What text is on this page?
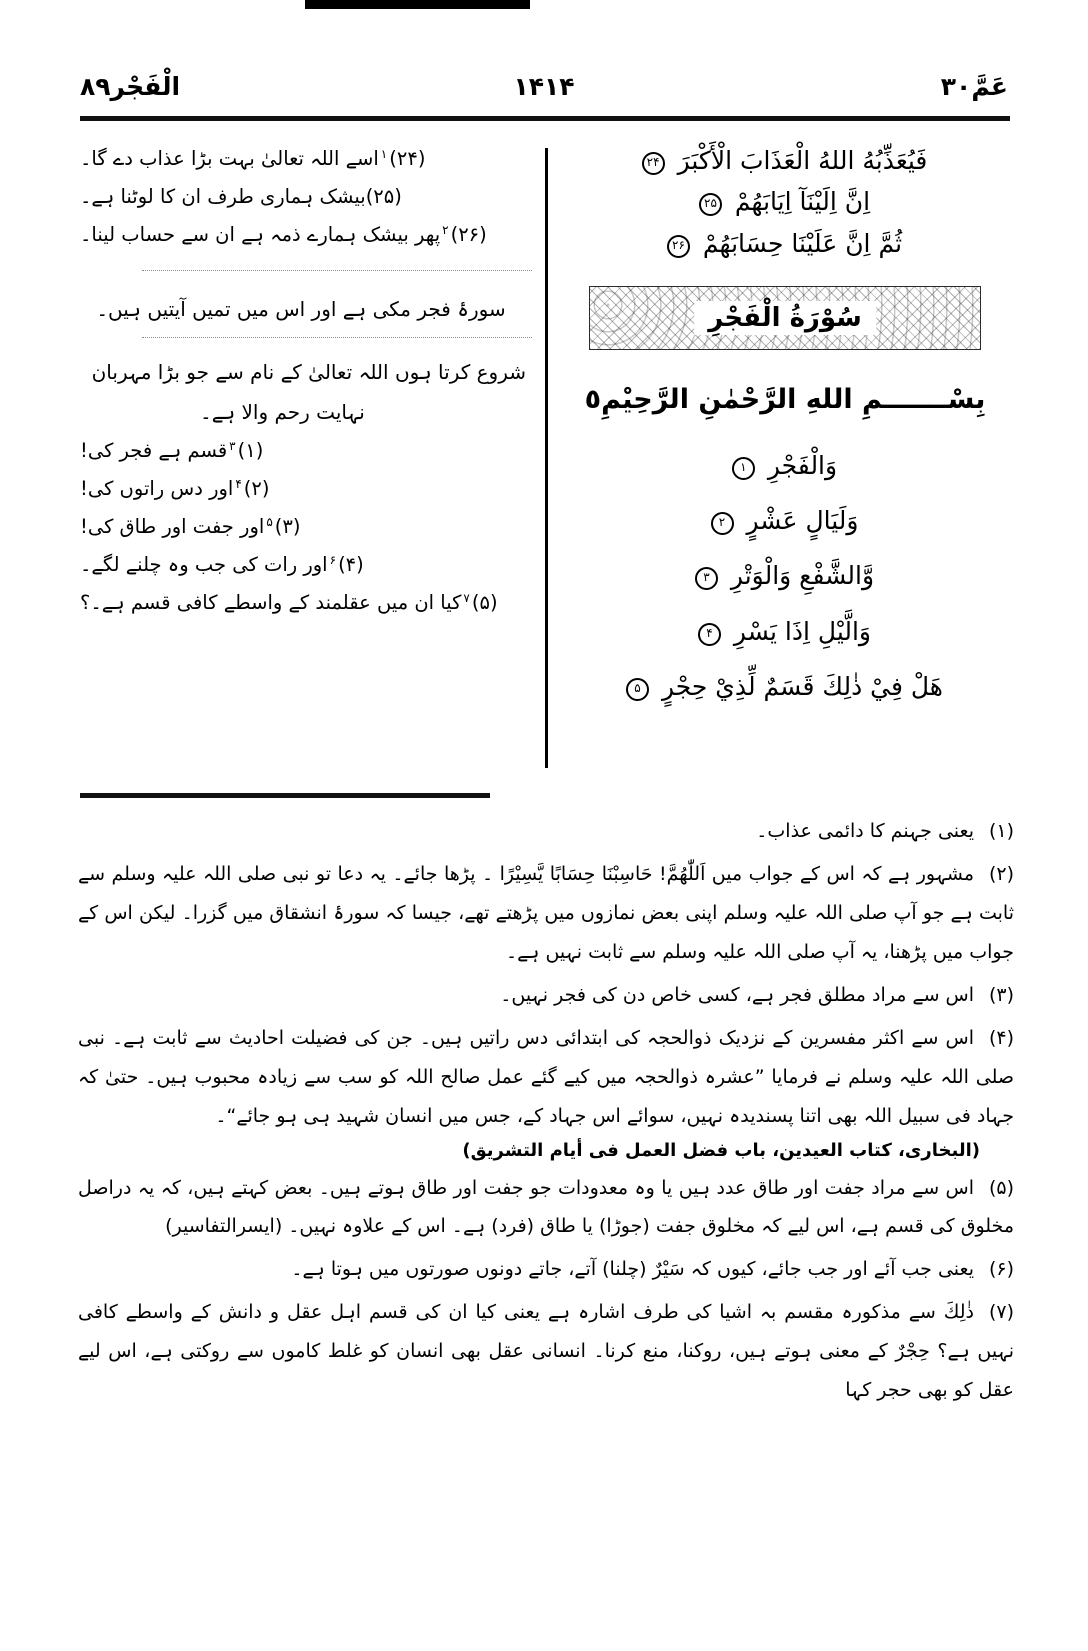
عَمَّ۳۰
۱۴۱۴
الْفَجْر۸۹
فَيُعَذِّبُهُ اللهُ الْعَذَابَ الْأَكْبَرَ ۲۴
اِنَّ اِلَيْنَآ اِيَابَهُمْ ۲۵
ثُمَّ اِنَّ عَلَيْنَا حِسَابَهُمْ ۲۶
سُوْرَةُ الْفَجْرِ
بِسْـــــــمِ اللهِ الرَّحْمٰنِ الرَّحِيْمِ٥
وَالْفَجْرِ ۱
وَلَيَالٍ عَشْرٍ ۲
وَّالشَّفْعِ وَالْوَتْرِ ۳
وَالَّيْلِ اِذَا يَسْرِ ۴
هَلْ فِيْ ذٰلِكَ قَسَمٌ لِّذِيْ حِجْرٍ ۵
(۲۴)$^۱$اسے اللہ تعالیٰ بہت بڑا عذاب دے گا۔
(۲۵)بیشک ہماری طرف ان کا لوٹنا ہے۔
(۲۶)$^۲$پھر بیشک ہمارے ذمہ ہے ان سے حساب لینا۔
سورۂ فجر مکی ہے اور اس میں تمیں آیتیں ہیں۔
شروع کرتا ہوں اللہ تعالیٰ کے نام سے جو بڑا مہربان
نہایت رحم والا ہے۔
(۱)$^۳$قسم ہے فجر کی!
(۲)$^۴$اور دس راتوں کی!
(۳)$^۵$اور جفت اور طاق کی!
(۴)$^۶$اور رات کی جب وہ چلنے لگے۔
(۵)$^۷$کیا ان میں عقلمند کے واسطے کافی قسم ہے۔؟
(۱)یعنی جہنم کا دائمی عذاب۔
(۲)مشہور ہے کہ اس کے جواب میں اَللّٰهُمَّ! حَاسِبْنَا حِسَابًا يَّسِيْرًا ۔ پڑھا جائے۔ یہ دعا تو نبی صلی اللہ علیہ وسلم سے ثابت ہے جو آپ صلی اللہ علیہ وسلم اپنی بعض نمازوں میں پڑھتے تھے، جیسا کہ سورۂ انشقاق میں گزرا۔ لیکن اس کے جواب میں پڑھنا، یہ آپ صلی اللہ علیہ وسلم سے ثابت نہیں ہے۔
(۳)اس سے مراد مطلق فجر ہے، کسی خاص دن کی فجر نہیں۔
(۴)اس سے اکثر مفسرین کے نزدیک ذوالحجہ کی ابتدائی دس راتیں ہیں۔ جن کی فضیلت احادیث سے ثابت ہے۔ نبی صلی اللہ علیہ وسلم نے فرمایا ”عشرہ ذوالحجہ میں کیے گئے عمل صالح اللہ کو سب سے زیادہ محبوب ہیں۔ حتیٰ کہ جہاد فی سبیل اللہ بھی اتنا پسندیدہ نہیں، سوائے اس جہاد کے، جس میں انسان شہید ہی ہو جائے“۔
(البخاری، کتاب العیدین، باب فضل العمل فی أیام التشریق)
(۵)اس سے مراد جفت اور طاق عدد ہیں یا وہ معدودات جو جفت اور طاق ہوتے ہیں۔ بعض کہتے ہیں، کہ یہ دراصل مخلوق کی قسم ہے، اس لیے کہ مخلوق جفت (جوڑا) یا طاق (فرد) ہے۔ اس کے علاوہ نہیں۔ (ایسرالتفاسیر)
(۶)یعنی جب آئے اور جب جائے، کیوں کہ سَیْرٌ (چلنا) آتے، جاتے دونوں صورتوں میں ہوتا ہے۔
(۷)ذٰلِكَ سے مذکورہ مقسم بہ اشیا کی طرف اشارہ ہے یعنی کیا ان کی قسم اہل عقل و دانش کے واسطے کافی نہیں ہے؟ حِجْرٌ کے معنی ہوتے ہیں، روکنا، منع کرنا۔ انسانی عقل بھی انسان کو غلط کاموں سے روکتی ہے، اس لیے عقل کو بھی حجر کہا
